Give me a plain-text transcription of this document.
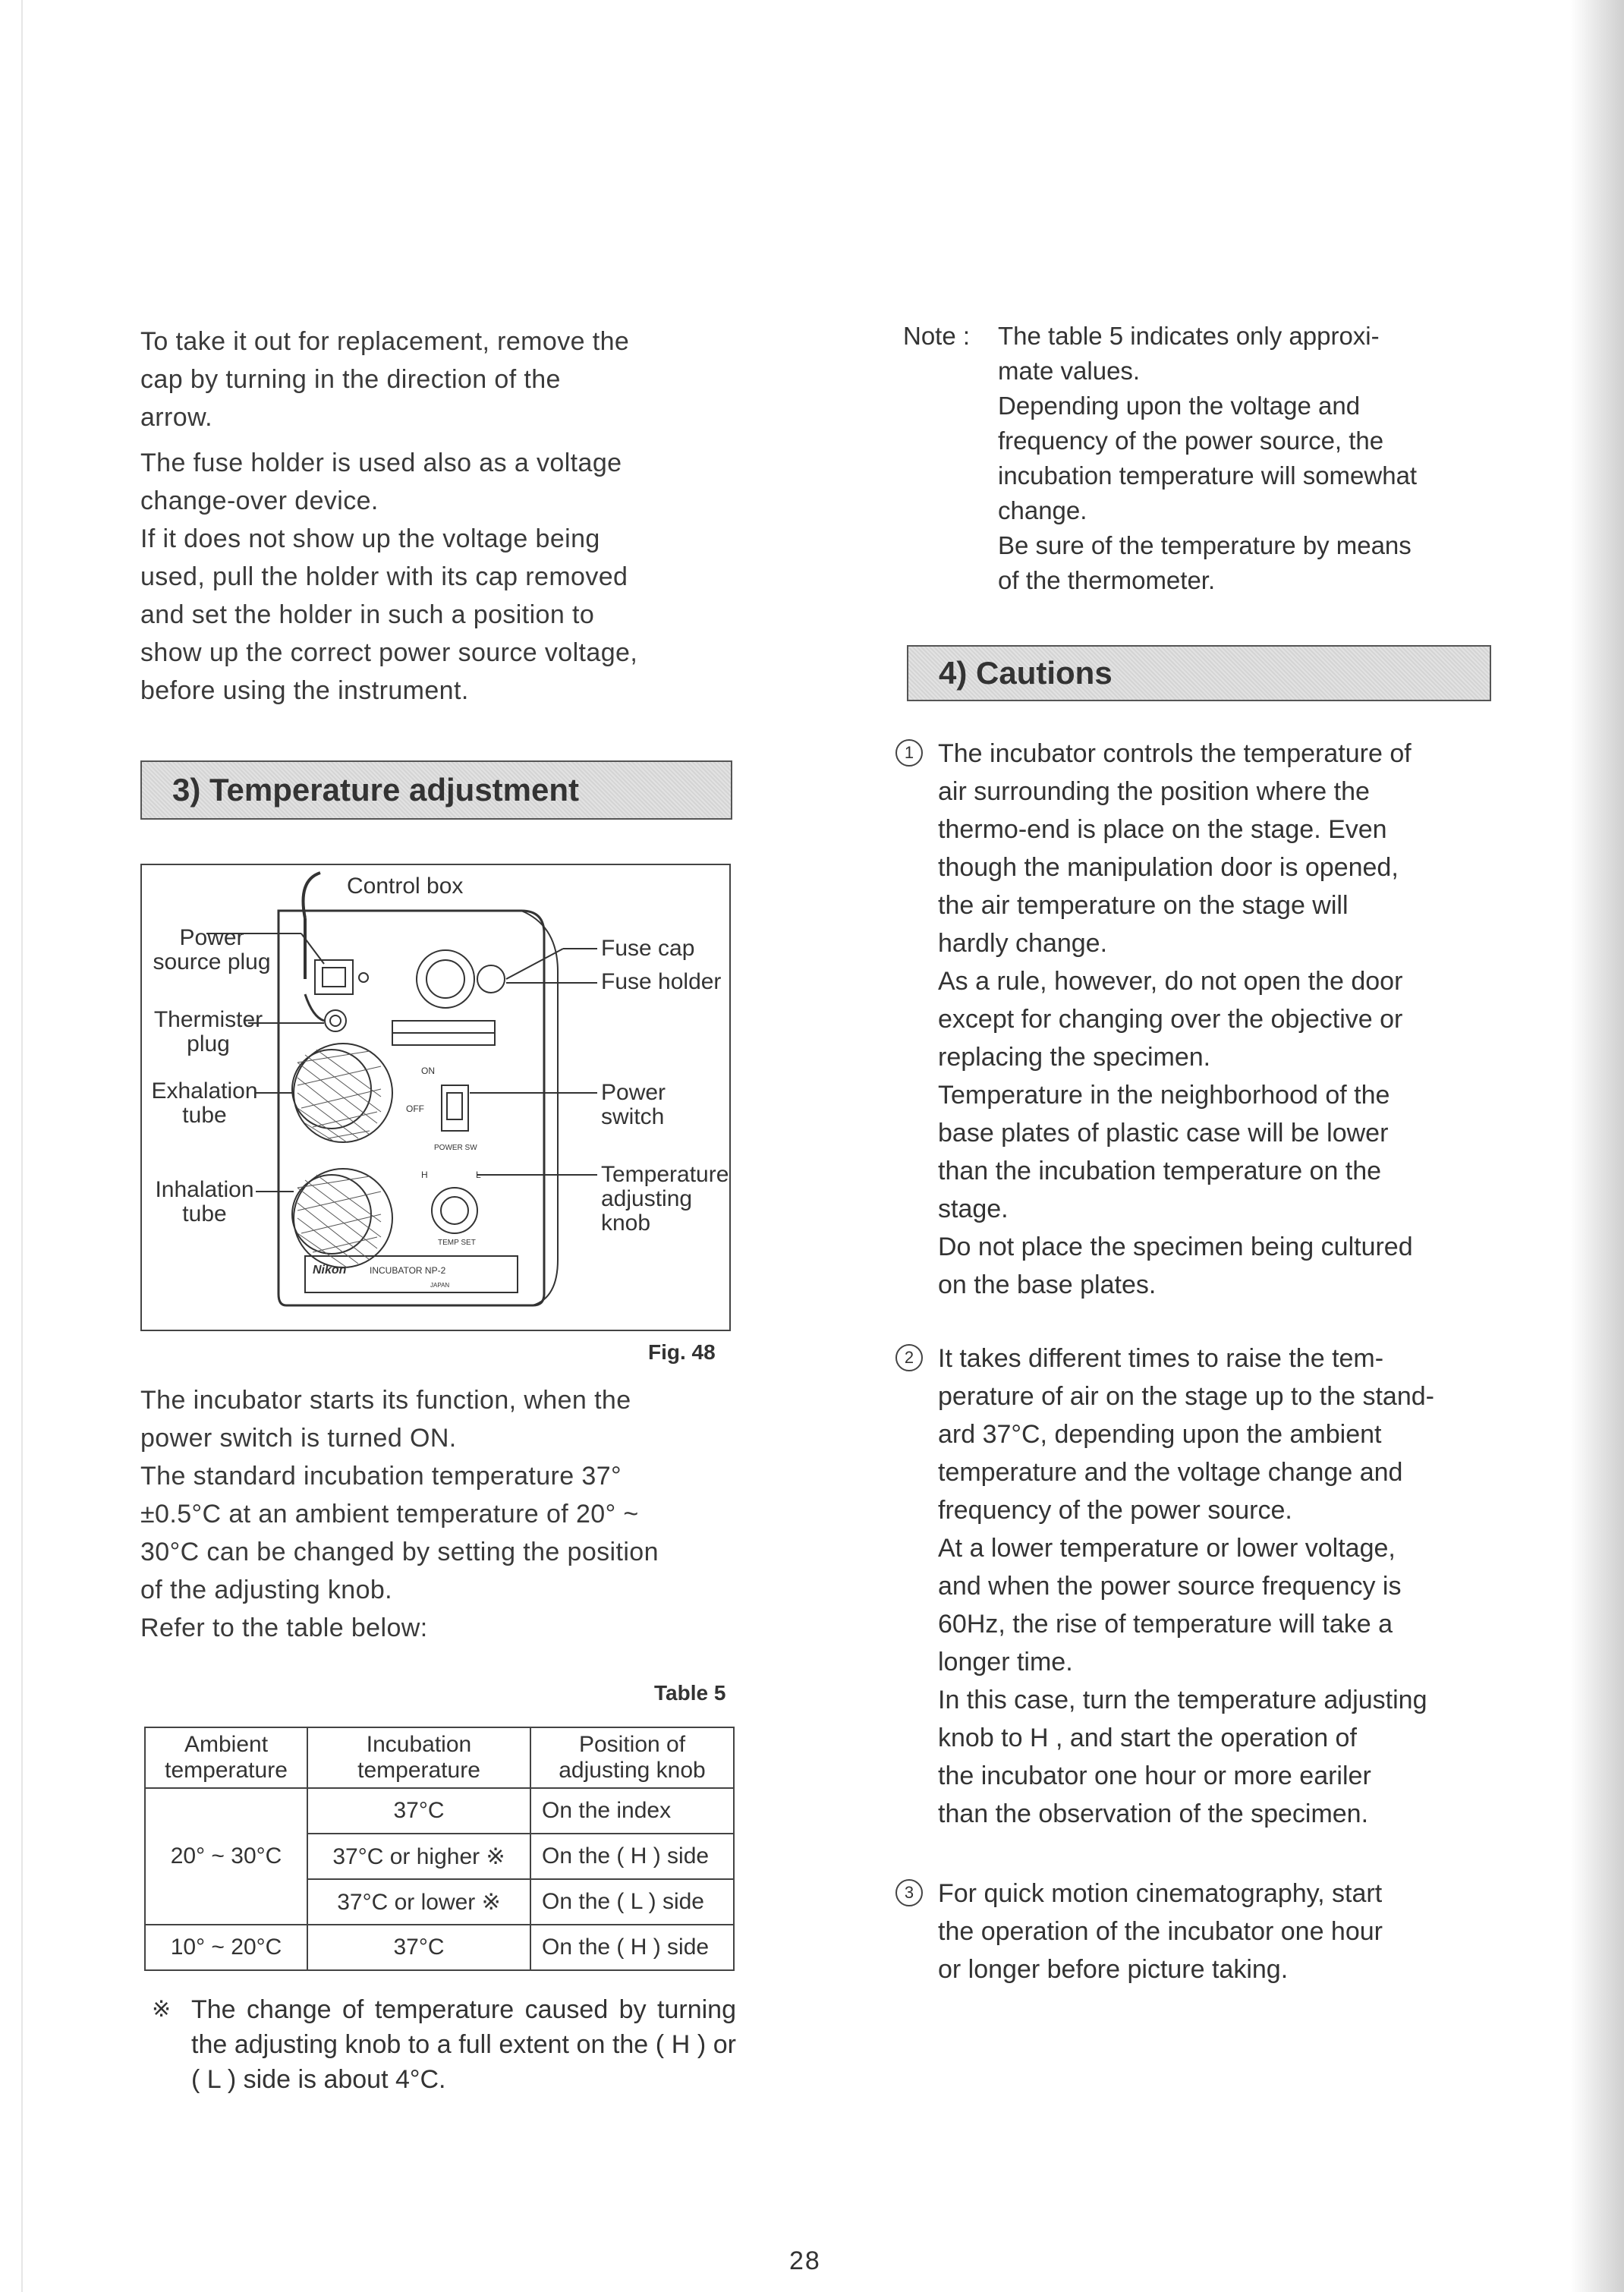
To take it out for replacement, remove the
cap by turning in the direction of the
arrow.

The fuse holder is used also as a voltage
change-over device.
If it does not show up the voltage being
used, pull the holder with its cap removed
and set the holder in such a position to
show up the correct power source voltage,
before using the instrument.

3) Temperature adjustment
ON
OFF
POWER SW
H	L
TEMP SET
Nikon	INCUBATOR NP-2
JAPAN
Control box
Power source plug
Thermister plug
Exhalation tube
Inhalation tube
Fuse cap
Fuse holder
Power switch
Temperature adjusting knob
Fig. 48

The incubator starts its function, when the
power switch is turned ON.
The standard incubation temperature 37°
±0.5°C at an ambient temperature of 20° ~
30°C can be changed by setting the position
of the adjusting knob.
Refer to the table below:

Table 5
Ambient temperature	Incubation temperature	Position of adjusting knob
20° ~ 30°C	37°C	On the index
	37°C or higher ※	On the ( H ) side
	37°C or lower ※	On the ( L ) side
10° ~ 20°C	37°C	On the ( H ) side
※ The change of temperature caused by turning the adjusting knob to a full extent on the ( H ) or ( L ) side is about 4°C.
Note : The table 5 indicates only approxi-
mate values.
Depending upon the voltage and
frequency of the power source, the
incubation temperature will somewhat
change.
Be sure of the temperature by means
of the thermometer.
4) Cautions
1 The incubator controls the temperature of
air surrounding the position where the
thermo-end is place on the stage. Even
though the manipulation door is opened,
the air temperature on the stage will
hardly change.
As a rule, however, do not open the door
except for changing over the objective or
replacing the specimen.
Temperature in the neighborhood of the
base plates of plastic case will be lower
than the incubation temperature on the
stage.
Do not place the specimen being cultured
on the base plates.
2 It takes different times to raise the tem-
perature of air on the stage up to the stand-
ard 37°C, depending upon the ambient
temperature and the voltage change and
frequency of the power source.
At a lower temperature or lower voltage,
and when the power source frequency is
60Hz, the rise of temperature will take a
longer time.
In this case, turn the temperature adjusting
knob to H , and start the operation of
the incubator one hour or more eariler
than the observation of the specimen.
3 For quick motion cinematography, start
the operation of the incubator one hour
or longer before picture taking.
28
